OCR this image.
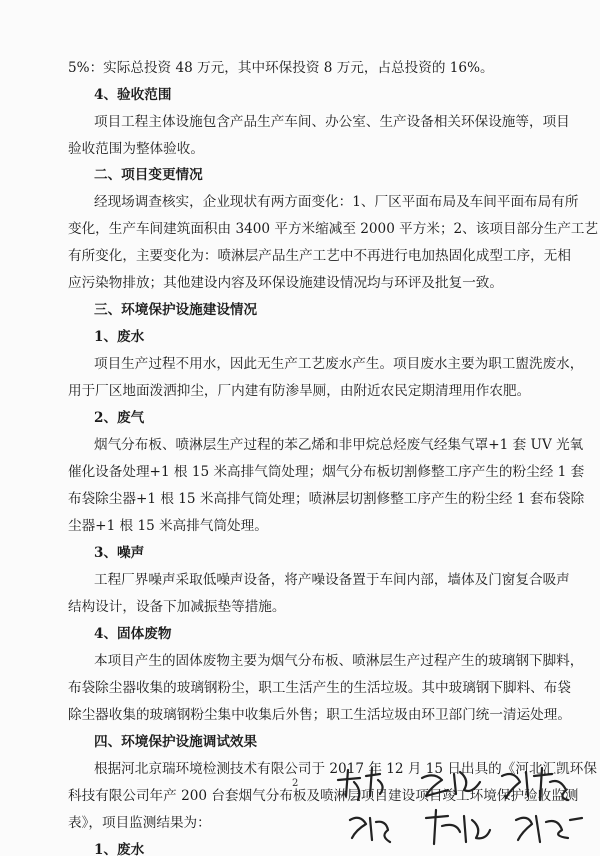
5%：实际总投资 48 万元，其中环保投资 8 万元，占总投资的 16%。
4、验收范围
项目工程主体设施包含产品生产车间、办公室、生产设备相关环保设施等，项目
验收范围为整体验收。
二、项目变更情况
经现场调查核实，企业现状有两方面变化：1、厂区平面布局及车间平面布局有所
变化，生产车间建筑面积由 3400 平方米缩减至 2000 平方米；2、该项目部分生产工艺
有所变化，主要变化为：喷淋层产品生产工艺中不再进行电加热固化成型工序，无相
应污染物排放；其他建设内容及环保设施建设情况均与环评及批复一致。
三、环境保护设施建设情况
1、废水
项目生产过程不用水，因此无生产工艺废水产生。项目废水主要为职工盥洗废水，
用于厂区地面泼洒抑尘，厂内建有防渗旱厕，由附近农民定期清理用作农肥。
2、废气
烟气分布板、喷淋层生产过程的苯乙烯和非甲烷总烃废气经集气罩+1 套 UV 光氧
催化设备处理+1 根 15 米高排气筒处理；烟气分布板切割修整工序产生的粉尘经 1 套
布袋除尘器+1 根 15 米高排气筒处理；喷淋层切割修整工序产生的粉尘经 1 套布袋除
尘器+1 根 15 米高排气筒处理。
3、噪声
工程厂界噪声采取低噪声设备，将产噪设备置于车间内部，墙体及门窗复合吸声
结构设计，设备下加减振垫等措施。
4、固体废物
本项目产生的固体废物主要为烟气分布板、喷淋层生产过程产生的玻璃钢下脚料，
布袋除尘器收集的玻璃钢粉尘，职工生活产生的生活垃圾。其中玻璃钢下脚料、布袋
除尘器收集的玻璃钢粉尘集中收集后外售；职工生活垃圾由环卫部门统一清运处理。
四、环境保护设施调试效果
根据河北京瑞环境检测技术有限公司于 2017 年 12 月 15 日出具的《河北汇凯环保
科技有限公司年产 200 台套烟气分布板及喷淋层项目建设项目竣工环境保护验收监测
表》，项目监测结果为：
1、废水
2
